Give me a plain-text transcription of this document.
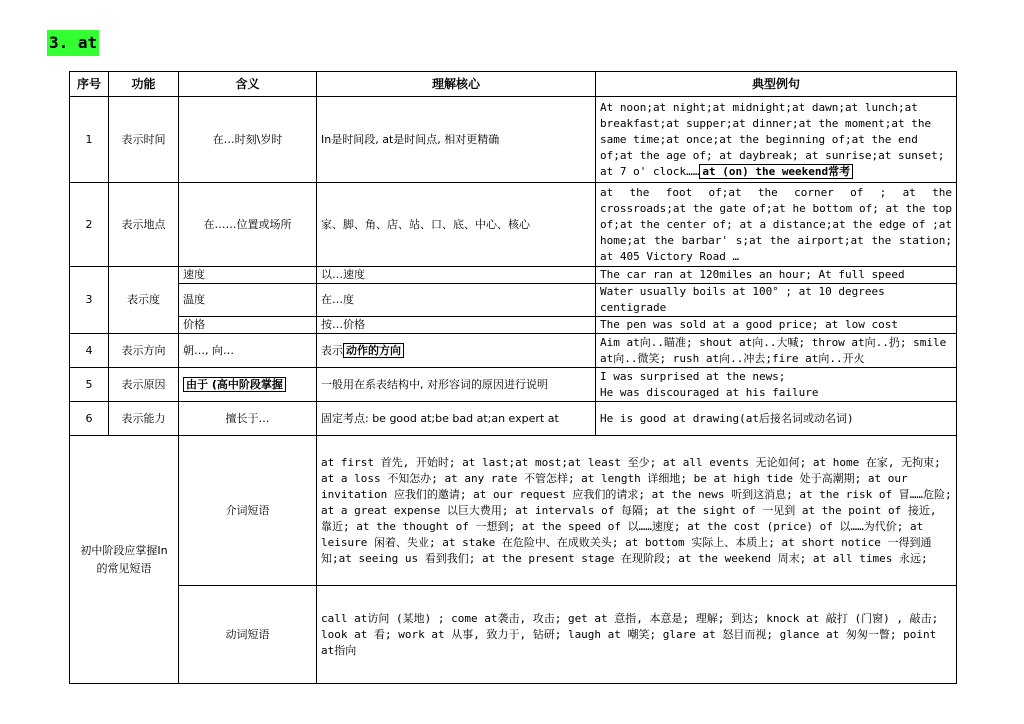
3. at
序号	功能	含义	理解核心	典型例句
1	表示时间	在…时刻\岁时	In是时间段, at是时间点, 相对更精确	At noon;at night;at midnight;at dawn;at lunch;at breakfast;at supper;at dinner;at the moment;at the same time;at once;at the beginning of;at the end of;at the age of; at daybreak; at sunrise;at sunset; at 7 o' clock…… at (on) the weekend常考
2	表示地点	在……位置或场所	家、脚、角、店、站、口、底、中心、核心	at the foot of;at the corner of ; at the crossroads;at the gate of;at he bottom of; at the top of;at the center of; at a distance;at the edge of ;at home;at the barbar' s;at the airport;at the station; at 405 Victory Road …
3	表示度	速度	以…速度	The car ran at 120miles an hour; At full speed
		温度	在…度	Water usually boils at 100° ; at 10 degrees centigrade
		价格	按…价格	The pen was sold at a good price; at low cost
4	表示方向	朝…, 向…	表示 动作的方向	Aim at向..瞄准; shout at向..大喊; throw at向..扔; smile at向..微笑; rush at向..冲去;fire at向..开火
5	表示原因	由于 (高中阶段掌握	一般用在系表结构中, 对形容词的原因进行说明	I was surprised at the news;
He was discouraged at his failure

6	表示能力	擅长于…	固定考点: be good at;be bad at;an expert at	He is good at drawing(at后接名词或动名词)
初中阶段应掌握In 的常见短语		介词短语	at first 首先, 开始时; at last;at most;at least 至少; at all events 无论如何; at home 在家, 无拘束; at a loss 不知怎办; at any rate 不管怎样; at length 详细地; be at high tide 处于高潮期; at our invitation 应我们的邀请; at our request 应我们的请求; at the news 听到这消息; at the risk of 冒……危险; at a great expense 以巨大费用; at intervals of 每隔; at the sight of 一见到 at the point of 接近, 靠近; at the thought of 一想到; at the speed of 以……速度; at the cost (price) of 以……为代价; at leisure 闲着、失业; at stake 在危险中、在成败关头; at bottom 实际上、本质上; at short notice 一得到通知;at seeing us 看到我们; at the present stage 在现阶段; at the weekend 周末; at all times 永远;	
		动词短语	call at访问 (某地) ; come at袭击, 攻击; get at 意指, 本意是; 理解; 到达; knock at 敲打 (门窗) , 敲击; look at 看; work at 从事, 致力于, 钻研; laugh at 嘲笑; glare at 怒目而视; glance at 匆匆一瞥; point at指向	
